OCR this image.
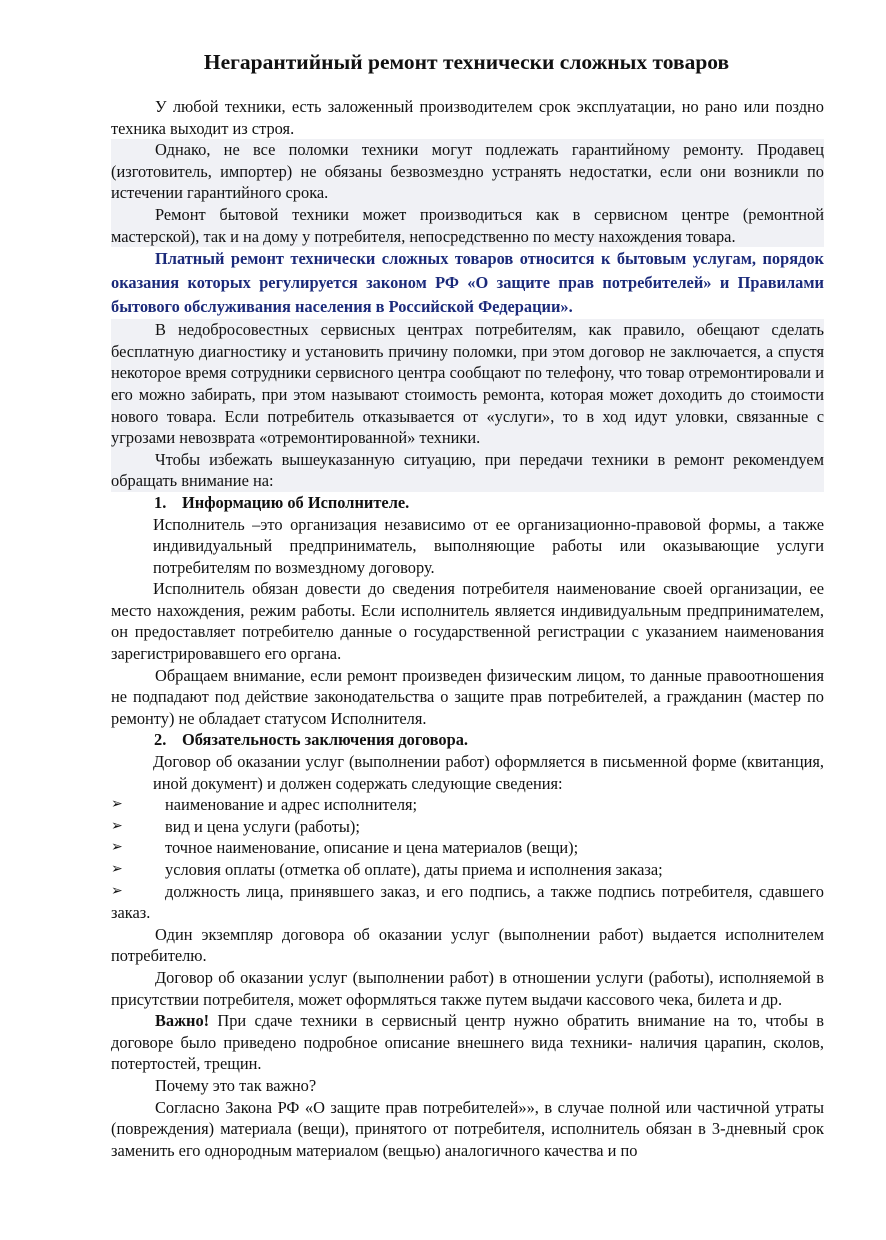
Негарантийный ремонт технически сложных товаров

У любой техники, есть заложенный производителем срок эксплуатации, но рано или поздно техника выходит из строя.

Однако, не все поломки техники могут подлежать гарантийному ремонту. Продавец (изготовитель, импортер) не обязаны безвозмездно устранять недостатки, если они возникли по истечении гарантийного срока.

Ремонт бытовой техники может производиться как в сервисном центре (ремонтной мастерской), так и на дому у потребителя, непосредственно по месту нахождения товара.

Платный ремонт технически сложных товаров относится к бытовым услугам, порядок оказания которых регулируется законом РФ «О защите прав потребителей» и Правилами бытового обслуживания населения в Российской Федерации».

В недобросовестных сервисных центрах потребителям, как правило, обещают сделать бесплатную диагностику и установить причину поломки, при этом договор не заключается, а спустя некоторое время сотрудники сервисного центра сообщают по телефону, что товар отремонтировали и его можно забирать, при этом называют стоимость ремонта, которая может доходить до стоимости нового товара. Если потребитель отказывается от «услуги», то в ход идут уловки, связанные с угрозами невозврата «отремонтированной» техники.

Чтобы избежать вышеуказанную ситуацию, при передачи техники в ремонт рекомендуем обращать внимание на:

1. Информацию об Исполнителе.

Исполнитель –это организация независимо от ее организационно-правовой формы, а также индивидуальный предприниматель, выполняющие работы или оказывающие услуги потребителям по возмездному договору.

Исполнитель обязан довести до сведения потребителя наименование своей организации, ее место нахождения, режим работы. Если исполнитель является индивидуальным предпринимателем, он предоставляет потребителю данные о государственной регистрации с указанием наименования зарегистрировавшего его органа.

Обращаем внимание, если ремонт произведен физическим лицом, то данные правоотношения не подпадают под действие законодательства о защите прав потребителей, а гражданин (мастер по ремонту) не обладает статусом Исполнителя.

2. Обязательность заключения договора.

Договор об оказании услуг (выполнении работ) оформляется в письменной форме (квитанция, иной документ) и должен содержать следующие сведения:

➢	наименование и адрес исполнителя;

➢	вид и цена услуги (работы);

➢	точное наименование, описание и цена материалов (вещи);

➢	условия оплаты (отметка об оплате), даты приема и исполнения заказа;

➢	должность лица, принявшего заказ, и его подпись, а также подпись потребителя, сдавшего заказ.

Один экземпляр договора об оказании услуг (выполнении работ) выдается исполнителем потребителю.

Договор об оказании услуг (выполнении работ) в отношении услуги (работы), исполняемой в присутствии потребителя, может оформляться также путем выдачи кассового чека, билета и др.

Важно! При сдаче техники в сервисный центр нужно обратить внимание на то, чтобы в договоре было приведено подробное описание внешнего вида техники- наличия царапин, сколов, потертостей, трещин.

Почему это так важно?

Согласно Закона РФ «О защите прав потребителей»», в случае полной или частичной утраты (повреждения) материала (вещи), принятого от потребителя, исполнитель обязан в 3-дневный срок заменить его однородным материалом (вещью) аналогичного качества и по
